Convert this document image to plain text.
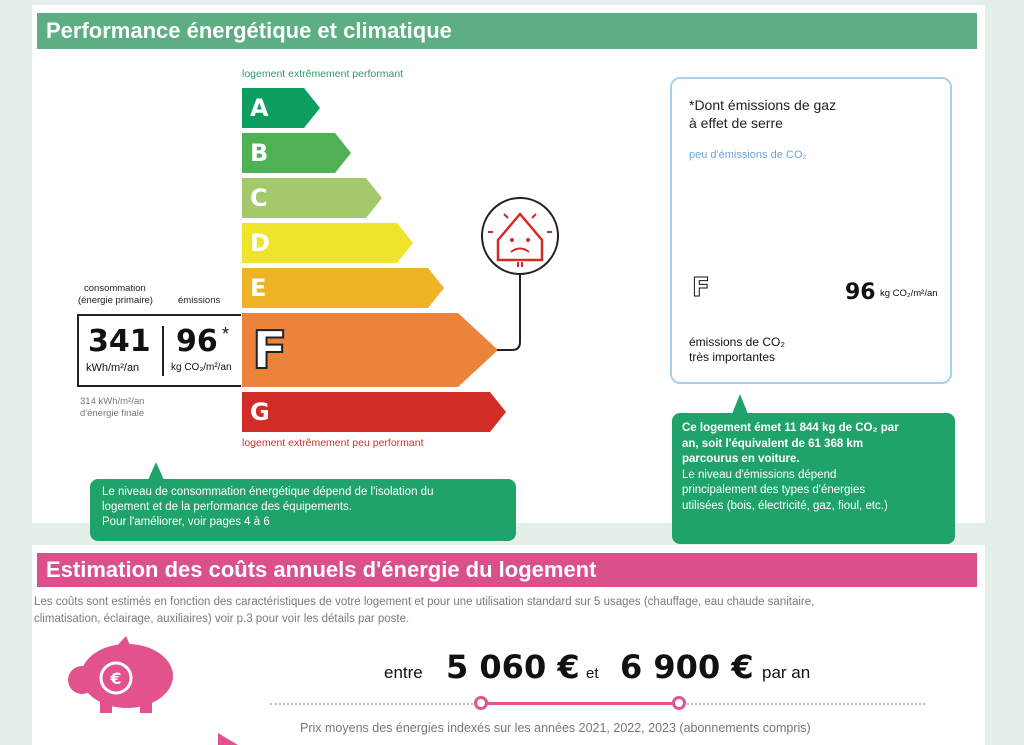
Performance énergétique et climatique
logement extrêmement performant
€
A
B
C
D
E
F
G
logement extrêmement peu performant
consommation
(énergie primaire)	émissions
341
kWh/m²/an
96 *
kg CO₂/m²/an
314 kWh/m²/an
d'énergie finale
Le niveau de consommation énergétique dépend de l'isolation du
logement et de la performance des équipements.
Pour l'améliorer, voir pages 4 à 6
*Dont émissions de gaz
à effet de serre
peu d'émissions de CO₂
A
B
C
D
E
F
G
96 kg CO₂/m²/an
émissions de CO₂
très importantes
Ce logement émet 11 844 kg de CO₂ par
an, soit l'équivalent de 61 368 km
parcourus en voiture.
Le niveau d'émissions dépend
principalement des types d'énergies
utilisées (bois, électricité, gaz, fioul, etc.)
Estimation des coûts annuels d'énergie du logement
Les coûts sont estimés en fonction des caractéristiques de votre logement et pour une utilisation standard sur 5 usages (chauffage, eau chaude sanitaire,
climatisation, éclairage, auxiliaires) voir p.3 pour voir les détails par poste.
entre 5 060 € et 6 900 € par an
Prix moyens des énergies indexés sur les années 2021, 2022, 2023 (abonnements compris)
